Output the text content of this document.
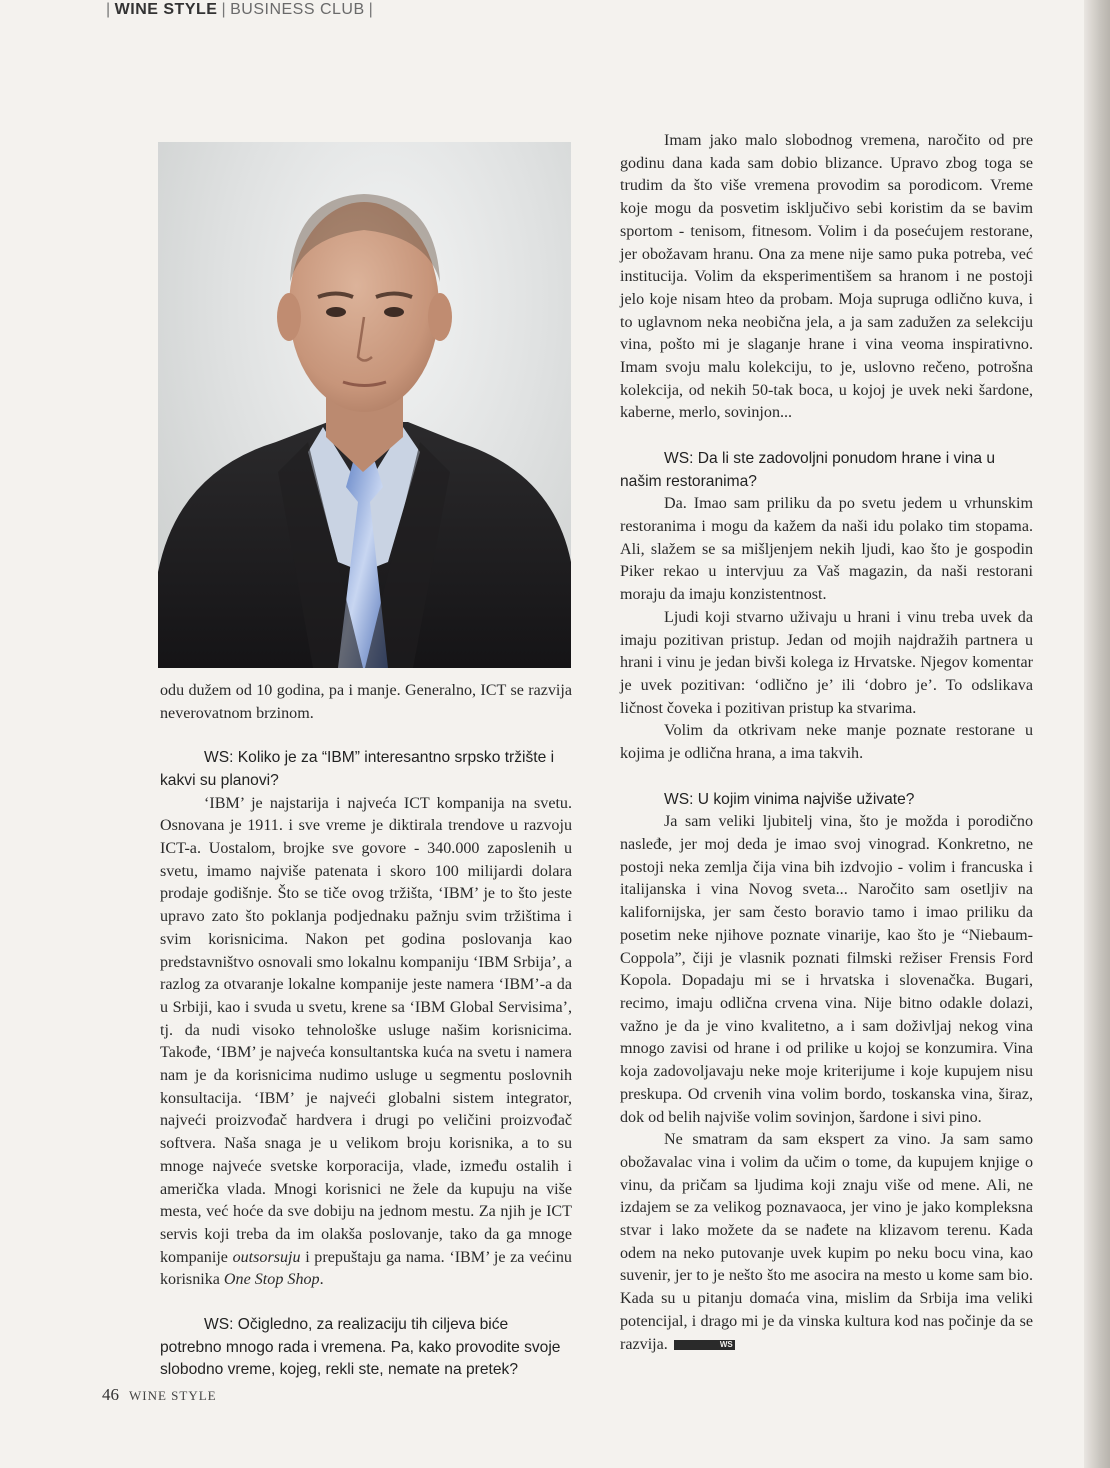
| WINE STYLE | BUSINESS CLUB |

odu dužem od 10 godina, pa i manje. Generalno, ICT se razvija neverovatnom brzinom.

WS: Koliko je za “IBM” interesantno srpsko tržište i kakvi su planovi?

‘IBM’ je najstarija i najveća ICT kompanija na svetu. Osnovana je 1911. i sve vreme je diktirala trendove u razvoju ICT-a. Uostalom, brojke sve govore - 340.000 zaposlenih u svetu, imamo najviše patenata i skoro 100 milijardi dolara prodaje godišnje. Što se tiče ovog tržišta, ‘IBM’ je to što jeste upravo zato što poklanja podjednaku pažnju svim tržištima i svim korisnicima. Nakon pet godina poslovanja kao predstavništvo osnovali smo lokalnu kompaniju ‘IBM Srbija’, a razlog za otvaranje lokalne kompanije jeste namera ‘IBM’-a da u Srbiji, kao i svuda u svetu, krene sa ‘IBM Global Servisima’, tj. da nudi visoko tehnološke usluge našim korisnicima. Takođe, ‘IBM’ je najveća konsultantska kuća na svetu i namera nam je da korisnicima nudimo usluge u segmentu poslovnih konsultacija. ‘IBM’ je najveći globalni sistem integrator, najveći proizvođač hardvera i drugi po veličini proizvođač softvera. Naša snaga je u velikom broju korisnika, a to su mnoge najveće svetske korporacija, vlade, između ostalih i američka vlada. Mnogi korisnici ne žele da kupuju na više mesta, već hoće da sve dobiju na jednom mestu. Za njih je ICT servis koji treba da im olakša poslovanje, tako da ga mnoge kompanije outsorsuju i prepuštaju ga nama. ‘IBM’ je za većinu korisnika One Stop Shop.

WS: Očigledno, za realizaciju tih ciljeva biće potrebno mnogo rada i vremena. Pa, kako provodite svoje slobodno vreme, kojeg, rekli ste, nemate na pretek?

Imam jako malo slobodnog vremena, naročito od pre godinu dana kada sam dobio blizance. Upravo zbog toga se trudim da što više vremena provodim sa porodicom. Vreme koje mogu da posvetim isključivo sebi koristim da se bavim sportom - tenisom, fitnesom. Volim i da posećujem restorane, jer obožavam hranu. Ona za mene nije samo puka potreba, već institucija. Volim da eksperimentišem sa hranom i ne postoji jelo koje nisam hteo da probam. Moja supruga odlično kuva, i to uglavnom neka neobična jela, a ja sam zadužen za selekciju vina, pošto mi je slaganje hrane i vina veoma inspirativno. Imam svoju malu kolekciju, to je, uslovno rečeno, potrošna kolekcija, od nekih 50-tak boca, u kojoj je uvek neki šardone, kaberne, merlo, sovinjon...

WS: Da li ste zadovoljni ponudom hrane i vina u našim restoranima?

Da. Imao sam priliku da po svetu jedem u vrhunskim restoranima i mogu da kažem da naši idu polako tim stopama. Ali, slažem se sa mišljenjem nekih ljudi, kao što je gospodin Piker rekao u intervjuu za Vaš magazin, da naši restorani moraju da imaju konzistentnost.

Ljudi koji stvarno uživaju u hrani i vinu treba uvek da imaju pozitivan pristup. Jedan od mojih najdražih partnera u hrani i vinu je jedan bivši kolega iz Hrvatske. Njegov komentar je uvek pozitivan: ‘odlično je’ ili ‘dobro je’. To odslikava ličnost čoveka i pozitivan pristup ka stvarima.

Volim da otkrivam neke manje poznate restorane u kojima je odlična hrana, a ima takvih.

WS: U kojim vinima najviše uživate?

Ja sam veliki ljubitelj vina, što je možda i porodično nasleđe, jer moj deda je imao svoj vinograd. Konkretno, ne postoji neka zemlja čija vina bih izdvojio - volim i francuska i italijanska i vina Novog sveta... Naročito sam osetljiv na kalifornijska, jer sam često boravio tamo i imao priliku da posetim neke njihove poznate vinarije, kao što je “Niebaum-Coppola”, čiji je vlasnik poznati filmski režiser Frensis Ford Kopola. Dopadaju mi se i hrvatska i slovenačka. Bugari, recimo, imaju odlična crvena vina. Nije bitno odakle dolazi, važno je da je vino kvalitetno, a i sam doživljaj nekog vina mnogo zavisi od hrane i od prilike u kojoj se konzumira. Vina koja zadovoljavaju neke moje kriterijume i koje kupujem nisu preskupa. Od crvenih vina volim bordo, toskanska vina, širaz, dok od belih najviše volim sovinjon, šardone i sivi pino.

Ne smatram da sam ekspert za vino. Ja sam samo obožavalac vina i volim da učim o tome, da kupujem knjige o vinu, da pričam sa ljudima koji znaju više od mene. Ali, ne izdajem se za velikog poznavaoca, jer vino je jako kompleksna stvar i lako možete da se nađete na klizavom terenu. Kada odem na neko putovanje uvek kupim po neku bocu vina, kao suvenir, jer to je nešto što me asocira na mesto u kome sam bio. Kada su u pitanju domaća vina, mislim da Srbija ima veliki potencijal, i drago mi je da vinska kultura kod nas počinje da se razvija.	WS

46 WINE STYLE
